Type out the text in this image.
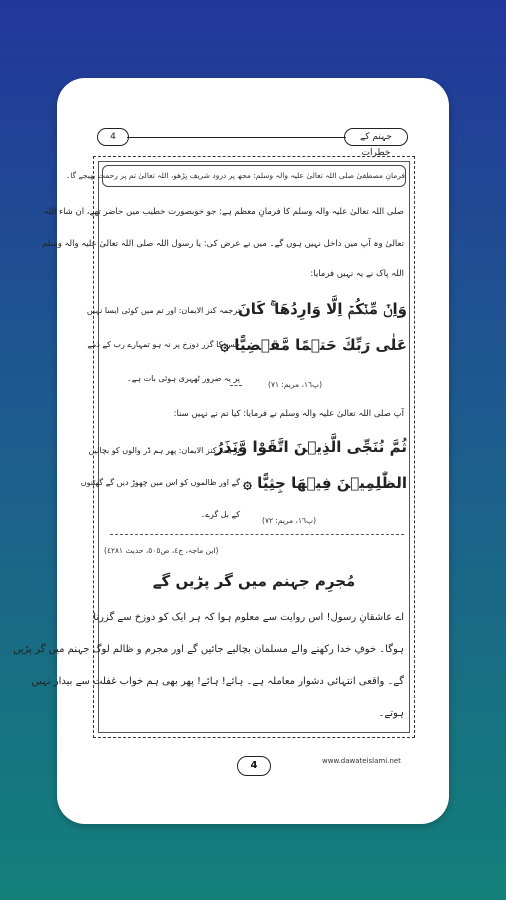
4	جہنم کے خطرات
فرمانِ مصطفیٰ صلی اللہ تعالیٰ علیہ والہ وسلم: مجھ پر درود شریف پڑھو، اللہ تعالیٰ تم پر رحمت بھیجے گا۔
صلی اللہ تعالیٰ علیہ والہ وسلم کا فرمانِ معظم ہے: جو خوبصورت خطیب میں حاضر تھے، ان شاء اللہ
تعالیٰ وہ آپ میں داخل نہیں ہوں گے۔ میں نے عرض کی: یا رسول اللہ صلی اللہ تعالیٰ علیہ والہ وسلم
اللہ پاک نے یہ نہیں فرمایا:
وَاِنۡ مِّنۡكُمۡ اِلَّا وَارِدُهَا ۚ كَانَ
عَلٰى رَبِّكَ حَتۡمًا مَّقۡضِيًّا ۞
ترجمہ کنز الایمان: اور تم میں کوئی ایسا نہیں
جس کا گزر دوزخ پر نہ ہو تمہارے رب کے ذمے
پر یہ ضرور ٹھہری ہوئی بات ہے۔
(پ١٦، مریم: ٧١)
آپ صلی اللہ تعالیٰ علیہ والہ وسلم نے فرمایا: کیا تم نے نہیں سنا:
ثُمَّ نُنَجِّى الَّذِيۡنَ اتَّقَوْا وَّنَذَرُ
الظّٰلِمِيۡنَ فِيۡهَا جِثِيًّا ۞
ترجمہ کنز الایمان: پھر ہم ڈر والوں کو بچالیں
گے اور ظالموں کو اس میں چھوڑ دیں گے گھٹنوں
کے بل گرے۔
(پ١٦، مریم: ٧٢)
(ابن ماجہ، ج٤، ص٥٠٥، حدیث ٤٢٨١)
مُجرِم جہنم میں گر پڑیں گے
اے عاشقانِ رسول! اس روایت سے معلوم ہوا کہ ہر ایک کو دوزخ سے گزرنا
ہوگا۔ خوفِ خدا رکھنے والے مسلمان بچالیے جائیں گے اور مجرم و ظالم لوگ جہنم میں گر پڑیں
گے۔ واقعی انتہائی دشوار معاملہ ہے۔ ہائے! ہائے! پھر بھی ہم خواب غفلت سے بیدار نہیں
ہوتے۔
4	www.dawateislami.net
